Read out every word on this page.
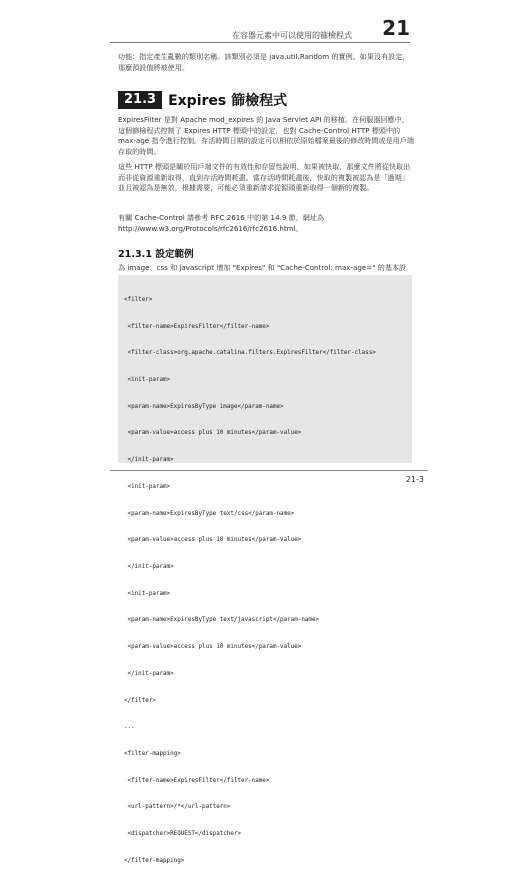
在容器元素中可以使用的篩檢程式 21

功能：指定產生亂數的類別名稱。該類別必須是 java.util.Random 的實例。如果沒有設定，那麼預設值將被使用。

21.3 Expires 篩檢程式

ExpiresFilter 是對 Apache mod_expires 的 Java Servlet API 的移植。在伺服器回應中，這個篩檢程式控制了 Expires HTTP 標頭中的設定，也對 Cache-Control HTTP 標頭中的 max-age 指令進行控制。存活時間日期的設定可以相依於原始檔案最後的修改時間或是用戶端存取的時間。

這些 HTTP 標頭是關於用戶端文件的有效性和存留性說明，如果被快取，那麼文件將從快取出而非從資源重新取得，直到存活時間耗盡。當存活時間耗盡後，快取的複製被認為是「過期」並且被認為是無效，根據需要，可能必須重新請求從源頭重新取得一個新的複製。

有關 Cache-Control 請參考 RFC 2616 中的第 14.9 節，網址為 http://www.w3.org/Protocols/rfc2616/rfc2616.html。

21.3.1 設定範例

為 image、css 和 javascript 增加 "Expires" 和 "Cache-Control: max-age=" 的基本設

<filter>

<filter-name>ExpiresFilter</filter-name>

<filter-class>org.apache.catalina.filters.ExpiresFilter</filter-class>

<init-param>

<param-name>ExpiresByType image</param-name>

<param-value>access plus 10 minutes</param-value>

</init-param>

<init-param>

<param-name>ExpiresByType text/css</param-name>

<param-value>access plus 10 minutes</param-value>

</init-param>

<init-param>

<param-name>ExpiresByType text/javascript</param-name>

<param-value>access plus 10 minutes</param-value>

</init-param>

</filter>

...

<filter-mapping>

<filter-name>ExpiresFilter</filter-name>

<url-pattern>/*</url-pattern>

<dispatcher>REQUEST</dispatcher>

</filter-mapping>

21-3
